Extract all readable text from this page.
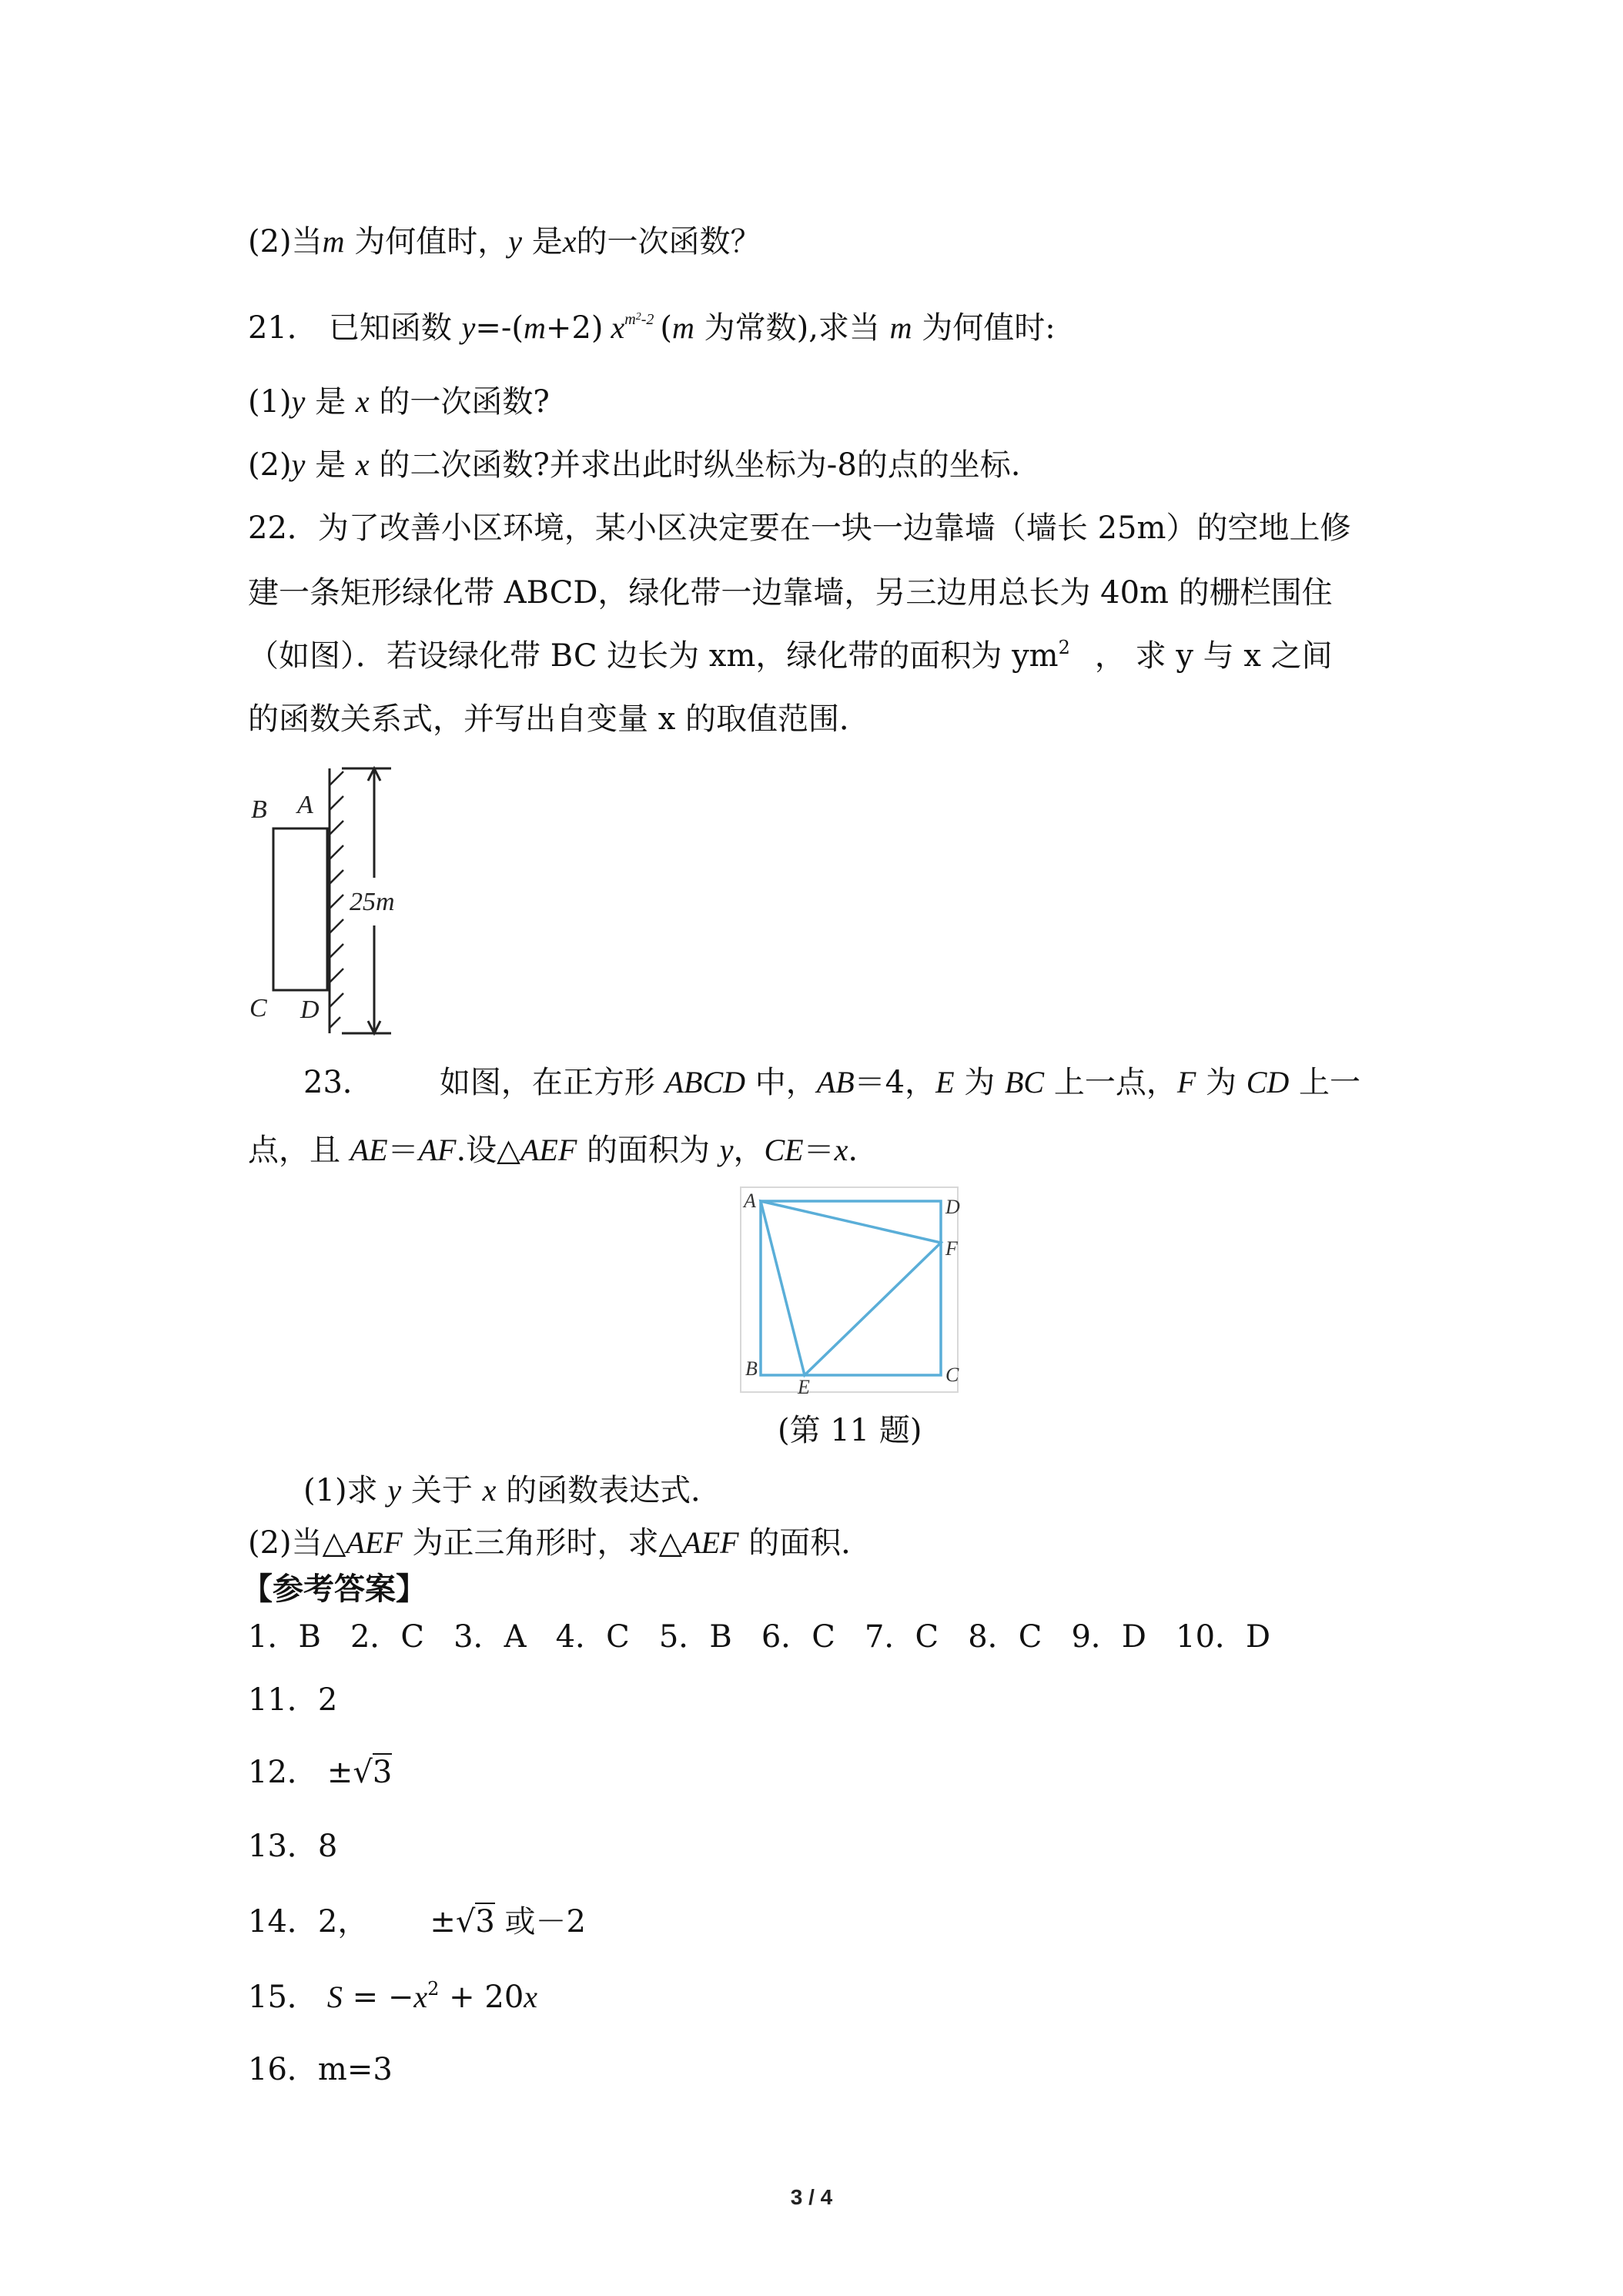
(2)当m 为何值时，y 是x的一次函数？
21． 已知函数 y=-(m+2) $x^{m^2-2}$ (m 为常数),求当 m 为何值时:
(1)y 是 x 的一次函数?
(2)y 是 x 的二次函数?并求出此时纵坐标为-8的点的坐标.
22．为了改善小区环境，某小区决定要在一块一边靠墙（墙长 25m）的空地上修
建一条矩形绿化带 ABCD，绿化带一边靠墙，另三边用总长为 40m 的栅栏围住
（如图）．若设绿化带 BC 边长为 xm，绿化带的面积为 $ym^2$ ， 求 y 与 x 之间
的函数关系式，并写出自变量 x 的取值范围．
B A
C D
25m
23． 如图，在正方形 ABCD 中，AB＝4，E 为 BC 上一点，F 为 CD 上一
点，且 AE＝AF.设△AEF 的面积为 y，CE＝x.
A	D
F
B	C
E
(第 11 题)
(1)求 y 关于 x 的函数表达式．
(2)当△AEF 为正三角形时，求△AEF 的面积．
【参考答案】
1．B   2．C   3．A   4．C   5．B   6．C   7．C   8．C   9．D   10．D
11．2
12． ±√3
13．8
14．2， ±√3 或－2
15． $S = -x^2 + 20x$
16．m=3
3 / 4
